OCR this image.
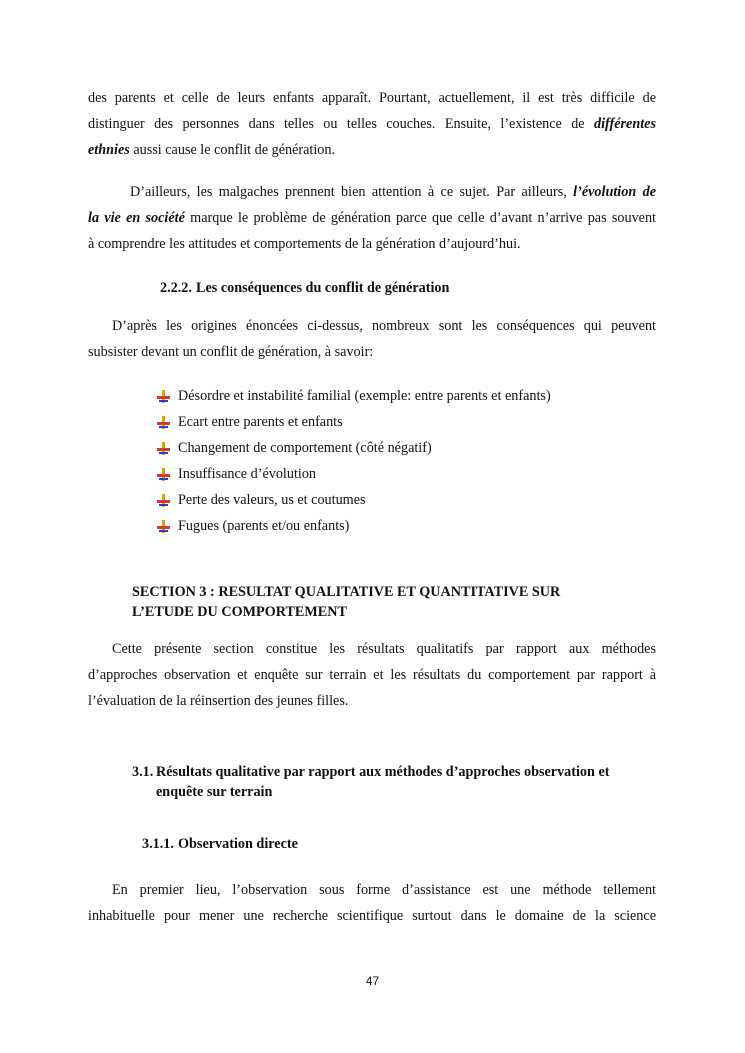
des parents et celle de leurs enfants apparaît. Pourtant, actuellement, il est très difficile de
distinguer des personnes dans telles ou telles couches. Ensuite, l’existence de différentes
ethnies aussi cause le conflit de génération.
D’ailleurs, les malgaches prennent bien attention à ce sujet. Par ailleurs, l’évolution de
la vie en société marque le problème de génération parce que celle d’avant n’arrive pas souvent
à comprendre les attitudes et comportements de la génération d’aujourd’hui.
2.2.2. Les conséquences du conflit de génération
D’après les origines énoncées ci-dessus, nombreux sont les conséquences qui peuvent
subsister devant un conflit de génération, à savoir:
Désordre et instabilité familial (exemple: entre parents et enfants)
Ecart entre parents et enfants
Changement de comportement (côté négatif)
Insuffisance d’évolution
Perte des valeurs, us et coutumes
Fugues (parents et/ou enfants)
SECTION 3 : RESULTAT QUALITATIVE ET QUANTITATIVE SUR
L’ETUDE DU COMPORTEMENT
Cette présente section constitue les résultats qualitatifs par rapport aux méthodes
d’approches observation et enquête sur terrain et les résultats du comportement par rapport à
l’évaluation de la réinsertion des jeunes filles.
3.1. Résultats qualitative par rapport aux méthodes d’approches observation et
enquête sur terrain
3.1.1. Observation directe
En premier lieu, l’observation sous forme d’assistance est une méthode tellement
inhabituelle pour mener une recherche scientifique surtout dans le domaine de la science
47
